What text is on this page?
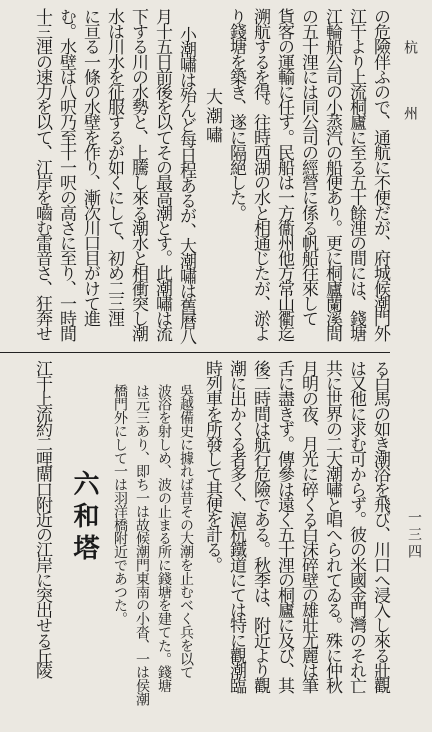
杭　　州
一三四
の危險伴ふので、通航に不便だが、府城候潮門外
江干より上流桐廬に至る五十餘浬の間には、錢塘
江輪船公司の小蒸汽の船便あり。更に桐廬蘭溪間
の五十浬には同公司の經營に係る帆船往來して
貨客の運輸に任す。民船は一方衞州他方常山衢迄
溯航するを得。往時西湖の水と相通じたが、淤よ
り錢塘を築き、遂に隔絕した。
大潮嘯
小潮嘯は殆んど每日程あるが、大潮嘯は舊曆八
月十五日前後を以てその最高潮とす。此潮嘯は流
下する川の水勢と、上騰し來る潮水と相衝突し潮
水は川水を征服するが如くにして、初め二三浬
に亘る一條の水壁を作り、漸次川口目がけて進
む。水壁は八呎乃至十一呎の高さに至り、一時間
十三浬の速力を以て、江岸を嚙む雷音さ、狂奔せ
る白馬の如き潮浴を飛び、川口へ浸入し來る壯觀
は又他に求む可からず。彼の米國金門灣のそれ亡
共に世界の二大潮嘯と唱へられてゐる。殊に仲秋
月明の夜、月光に碎くる白沫碎壁の雄壯尤麗は筆
舌に盡きず。傳參は遠く五十浬の桐廬に及び、其
後二時間は航行危險である。秋季は、附近より觀
潮に出かくる者多く、滬杭鐵道にては特に觀潮臨
時列車を所發して其便を計る。
吳越備史に據れば昔その大潮を止むべく兵を以て
波浴を射しめ、波の止まる所に錢塘を建てた。錢塘
は元三あり、即ち一は故候潮門東南の小沓、一は侯潮
橋門外にして一は羽洋橋附近であつた。
六和塔
江干上流約二哩閘口附近の江岸に突出せる丘陵
